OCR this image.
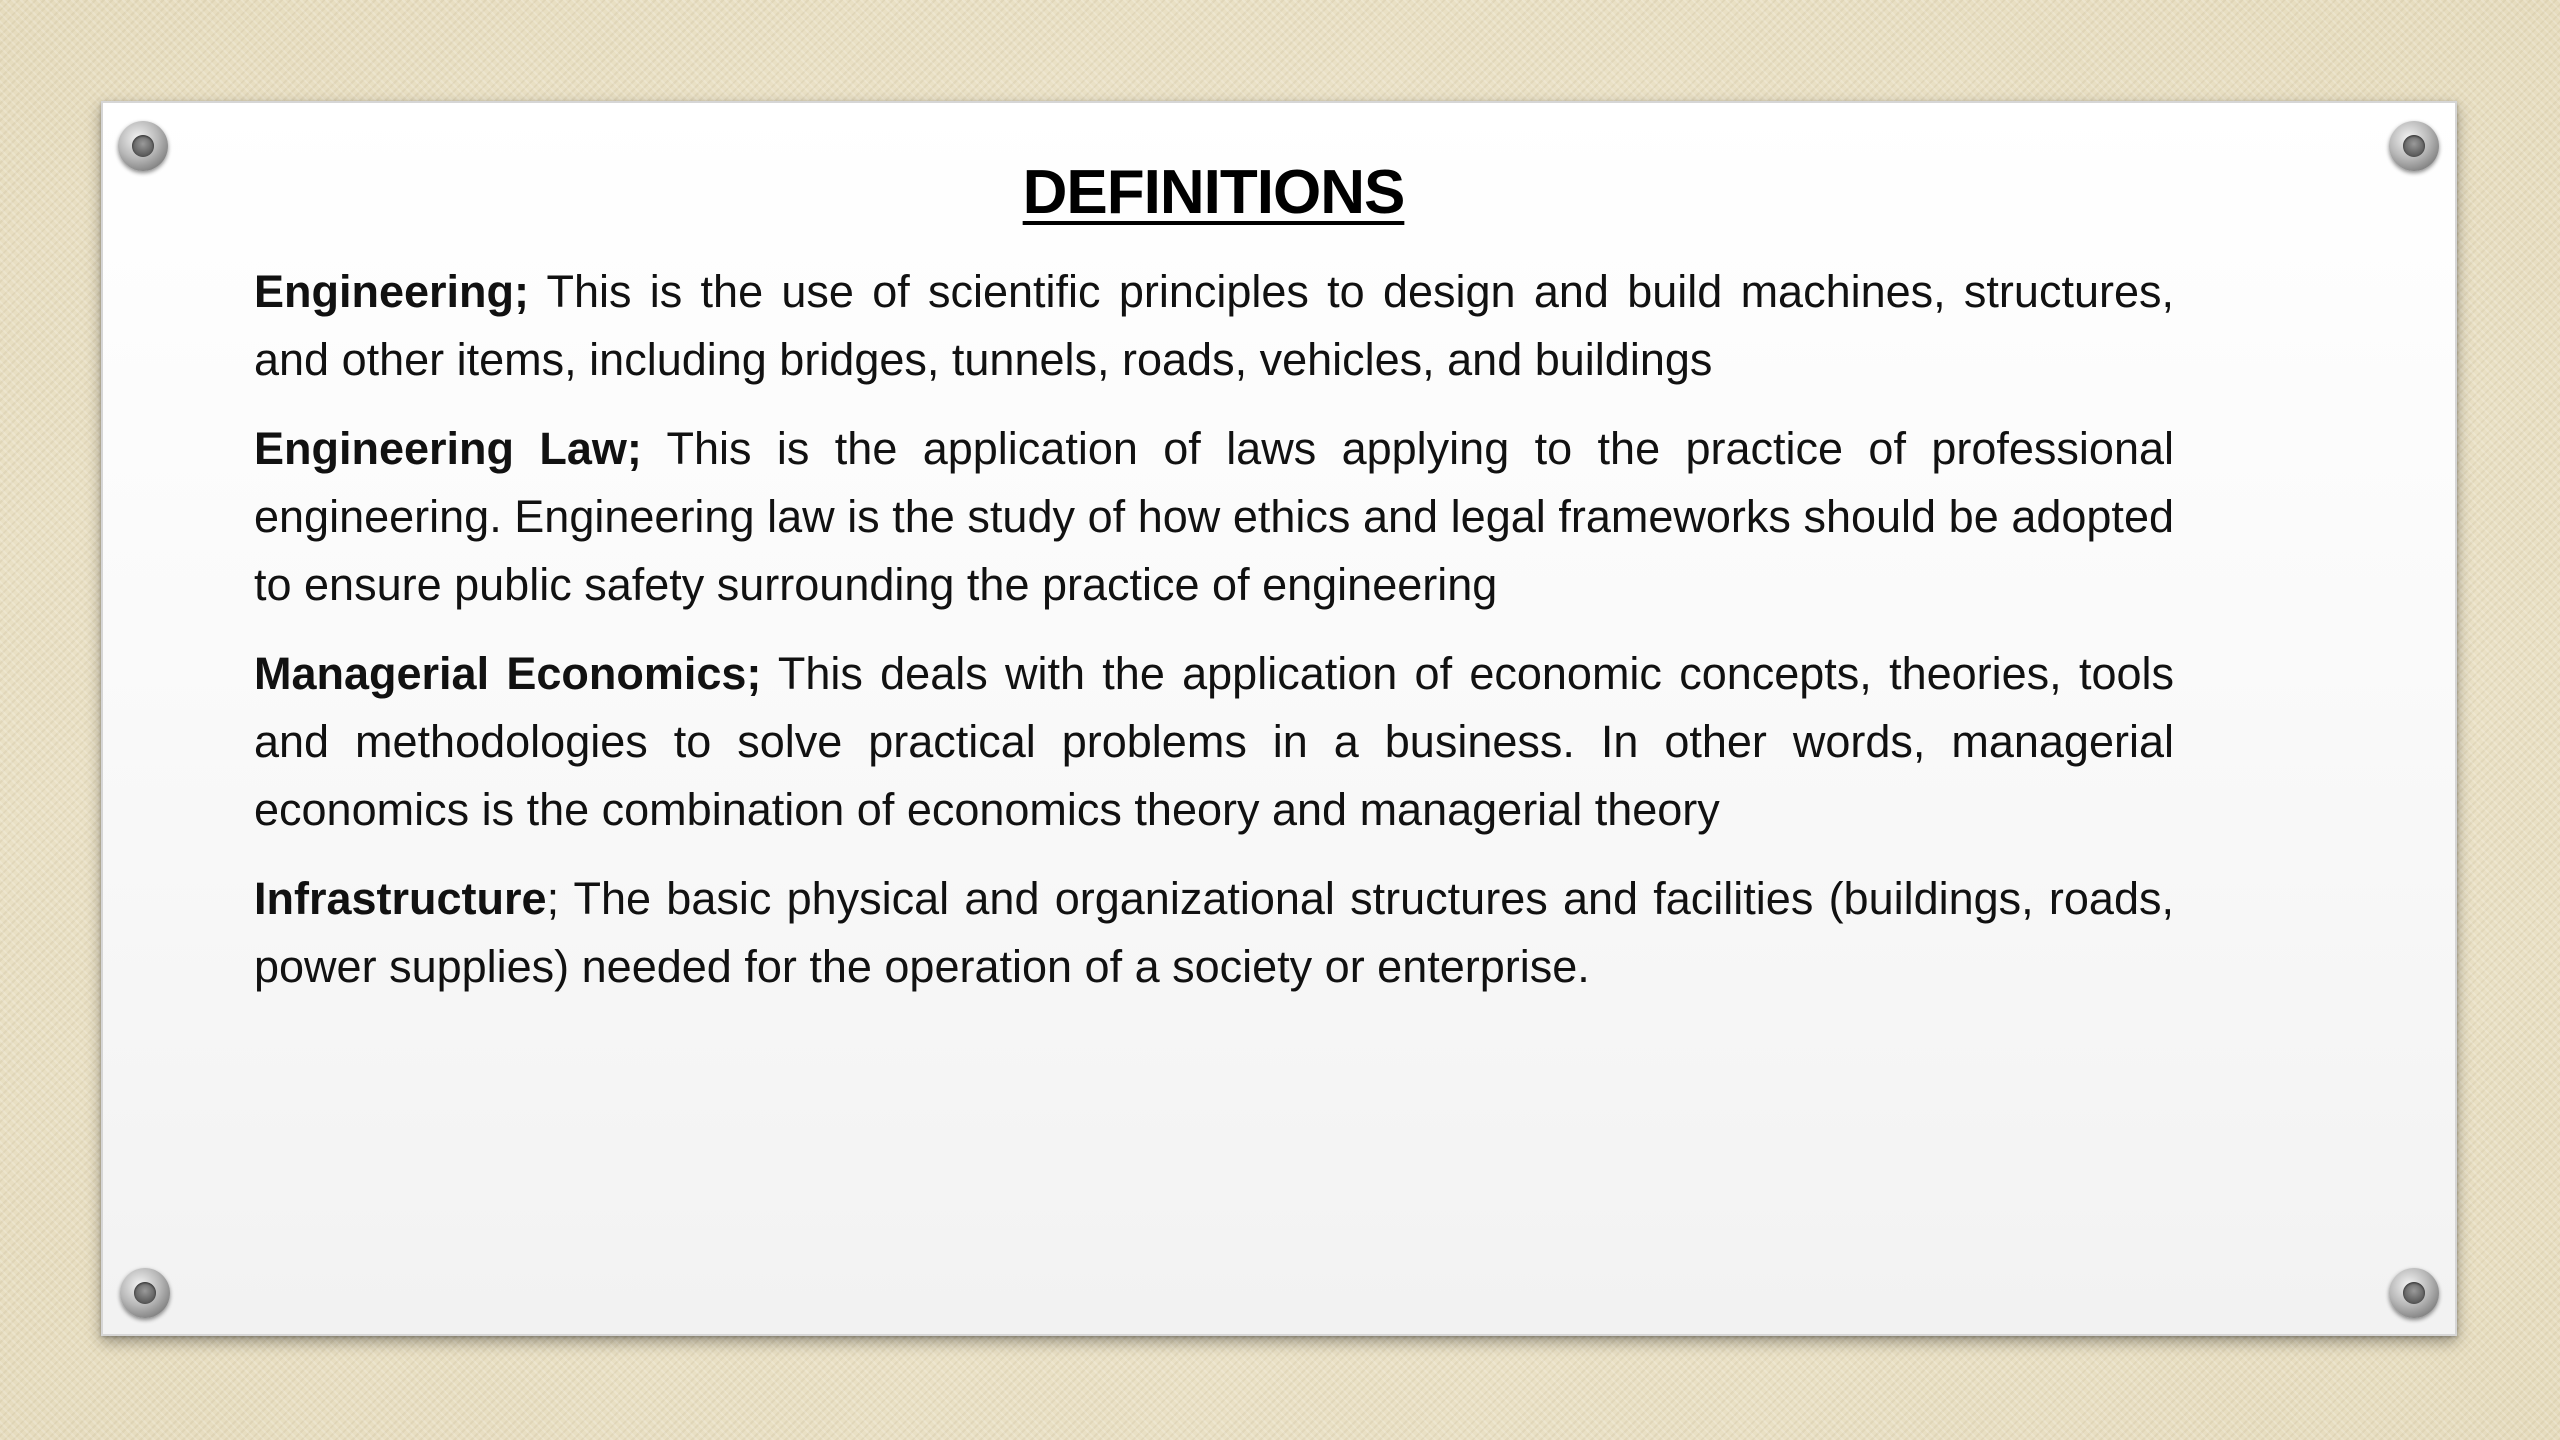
DEFINITIONS

Engineering; This is the use of scientific principles to design and build machines, structures, and other items, including bridges, tunnels, roads, vehicles, and buildings

Engineering Law; This is the application of laws applying to the practice of professional engineering. Engineering law is the study of how ethics and legal frameworks should be adopted to ensure public safety surrounding the practice of engineering

Managerial Economics; This deals with the application of economic concepts, theories, tools and methodologies to solve practical problems in a business. In other words, managerial economics is the combination of economics theory and managerial theory

Infrastructure; The basic physical and organizational structures and facilities (buildings, roads, power supplies) needed for the operation of a society or enterprise.
